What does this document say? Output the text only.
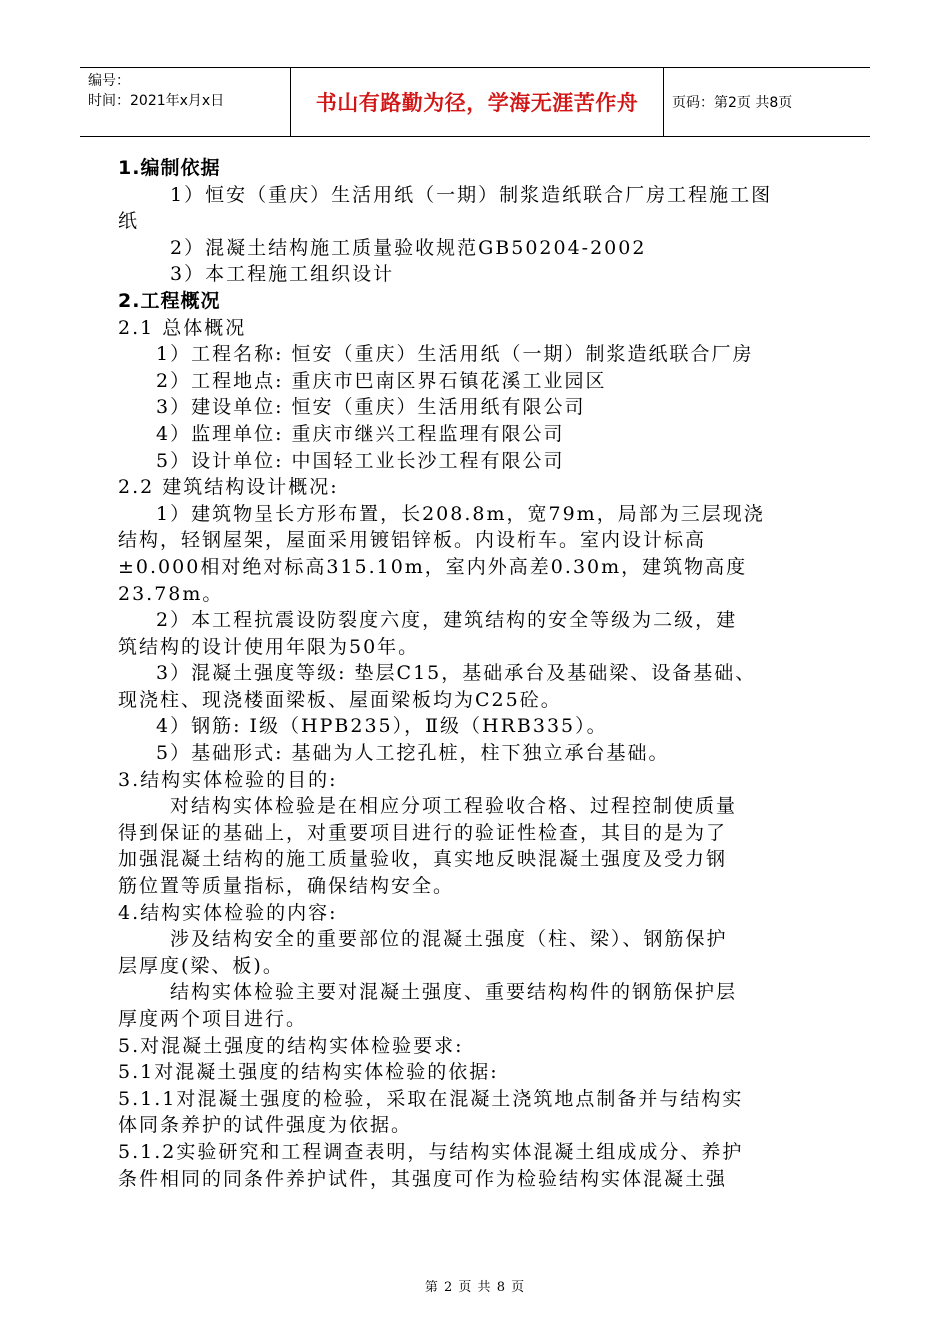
编号：
时间：2021年x月x日	书山有路勤为径，学海无涯苦作舟	页码：第2页 共8页
1.编制依据
1）恒安（重庆）生活用纸（一期）制浆造纸联合厂房工程施工图
纸
2）混凝土结构施工质量验收规范GB50204-2002
3）本工程施工组织设计
2.工程概况
2.1 总体概况
1）工程名称: 恒安（重庆）生活用纸（一期）制浆造纸联合厂房
2）工程地点: 重庆市巴南区界石镇花溪工业园区
3）建设单位: 恒安（重庆）生活用纸有限公司
4）监理单位: 重庆市继兴工程监理有限公司
5）设计单位: 中国轻工业长沙工程有限公司
2.2 建筑结构设计概况:
1）建筑物呈长方形布置，长208.8m，宽79m，局部为三层现浇
结构，轻钢屋架，屋面采用镀铝锌板。内设桁车。室内设计标高
±0.000相对绝对标高315.10m，室内外高差0.30m，建筑物高度
23.78m。
2）本工程抗震设防裂度六度，建筑结构的安全等级为二级，建
筑结构的设计使用年限为50年。
3）混凝土强度等级: 垫层C15，基础承台及基础梁、设备基础、
现浇柱、现浇楼面梁板、屋面梁板均为C25砼。
4）钢筋: Ⅰ级（HPB235），Ⅱ级（HRB335）。
5）基础形式: 基础为人工挖孔桩，柱下独立承台基础。
3.结构实体检验的目的:
对结构实体检验是在相应分项工程验收合格、过程控制使质量
得到保证的基础上，对重要项目进行的验证性检查，其目的是为了
加强混凝土结构的施工质量验收，真实地反映混凝土强度及受力钢
筋位置等质量指标，确保结构安全。
4.结构实体检验的内容:
涉及结构安全的重要部位的混凝土强度（柱、梁）、钢筋保护
层厚度(梁、板)。
结构实体检验主要对混凝土强度、重要结构构件的钢筋保护层
厚度两个项目进行。
5.对混凝土强度的结构实体检验要求:
5.1对混凝土强度的结构实体检验的依据:
5.1.1对混凝土强度的检验，采取在混凝土浇筑地点制备并与结构实
体同条养护的试件强度为依据。
5.1.2实验研究和工程调查表明，与结构实体混凝土组成成分、养护
条件相同的同条件养护试件，其强度可作为检验结构实体混凝土强
第 2 页 共 8 页
